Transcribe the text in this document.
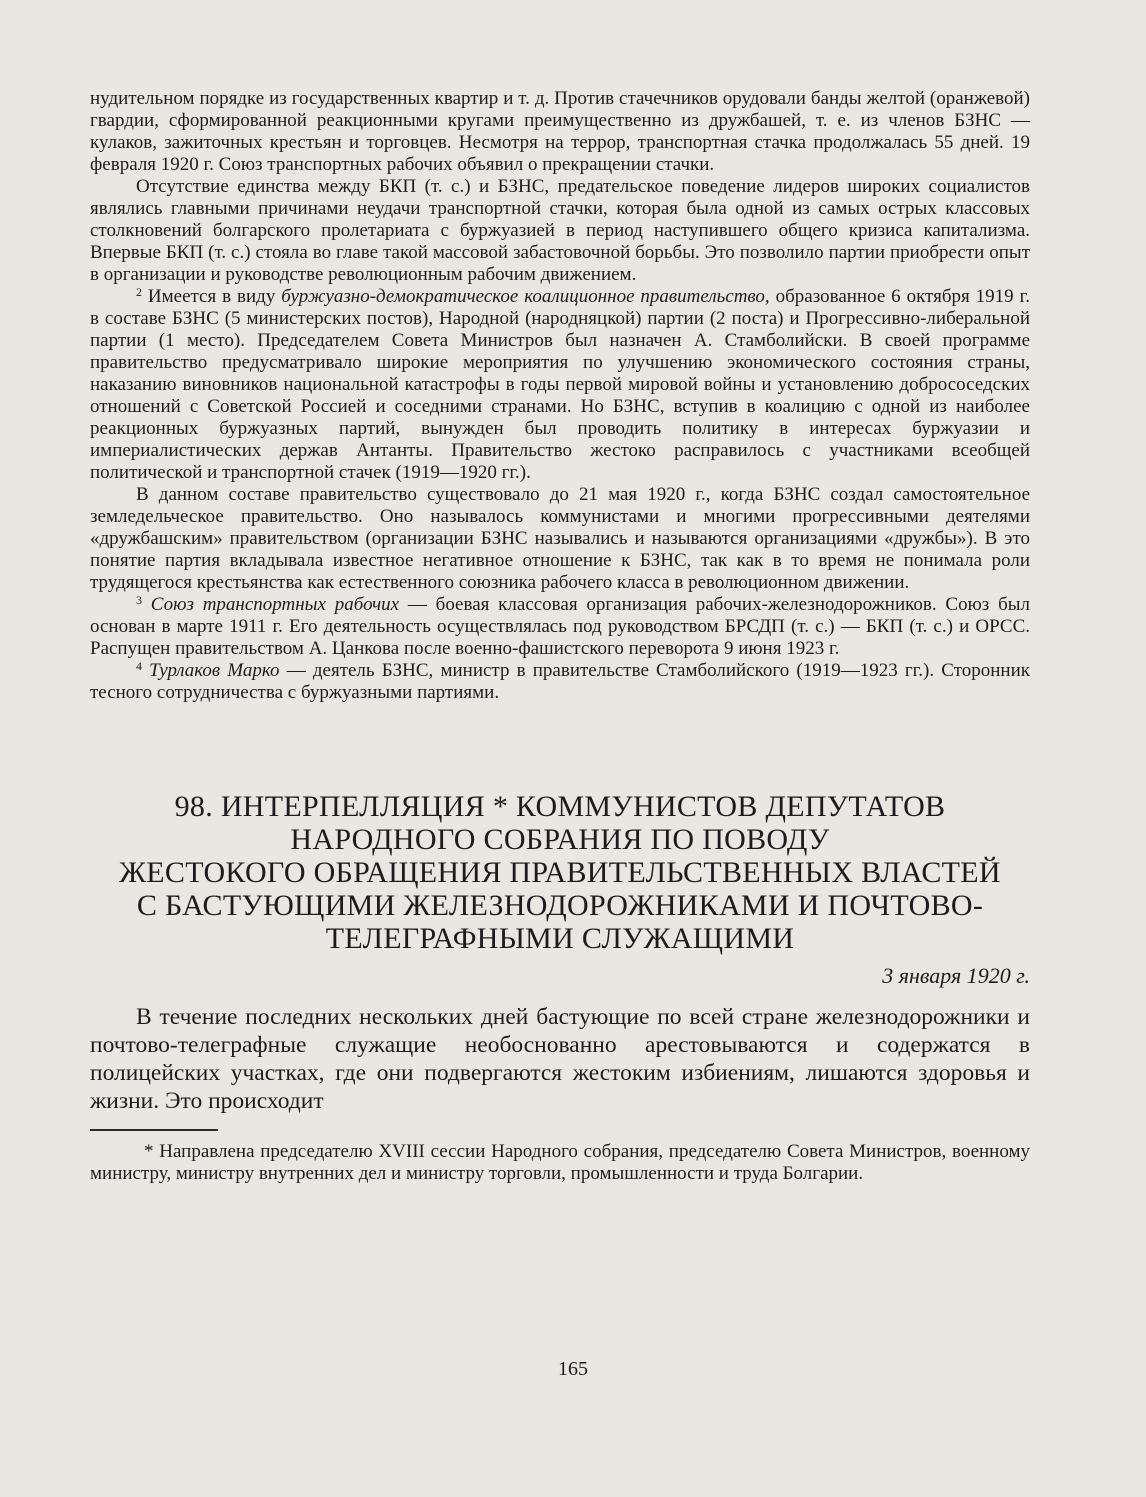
нудительном порядке из государственных квартир и т. д. Против стачечников орудовали банды желтой (оранжевой) гвардии, сформированной реакционными кругами преимущественно из дружбашей, т. е. из членов БЗНС — кулаков, зажиточных крестьян и торговцев. Несмотря на террор, транспортная стачка продолжалась 55 дней. 19 февраля 1920 г. Союз транспортных рабочих объявил о прекращении стачки.

Отсутствие единства между БКП (т. с.) и БЗНС, предательское поведение лидеров широких социалистов являлись главными причинами неудачи транспортной стачки, которая была одной из самых острых классовых столкновений болгарского пролетариата с буржуазией в период наступившего общего кризиса капитализма. Впервые БКП (т. с.) стояла во главе такой массовой забастовочной борьбы. Это позволило партии приобрести опыт в организации и руководстве революционным рабочим движением.

$^2$ Имеется в виду буржуазно-демократическое коалиционное правительство, образованное 6 октября 1919 г. в составе БЗНС (5 министерских постов), Народной (народняцкой) партии (2 поста) и Прогрессивно-либеральной партии (1 место). Председателем Совета Министров был назначен А. Стамболийски. В своей программе правительство предусматривало широкие мероприятия по улучшению экономического состояния страны, наказанию виновников национальной катастрофы в годы первой мировой войны и установлению добрососедских отношений с Советской Россией и соседними странами. Но БЗНС, вступив в коалицию с одной из наиболее реакционных буржуазных партий, вынужден был проводить политику в интересах буржуазии и империалистических держав Антанты. Правительство жестоко расправилось с участниками всеобщей политической и транспортной стачек (1919—1920 гг.).

В данном составе правительство существовало до 21 мая 1920 г., когда БЗНС создал самостоятельное земледельческое правительство. Оно называлось коммунистами и многими прогрессивными деятелями «дружбашским» правительством (организации БЗНС назывались и называются организациями «дружбы»). В это понятие партия вкладывала известное негативное отношение к БЗНС, так как в то время не понимала роли трудящегося крестьянства как естественного союзника рабочего класса в революционном движении.

$^3$ Союз транспортных рабочих — боевая классовая организация рабочих-железнодорожников. Союз был основан в марте 1911 г. Его деятельность осуществлялась под руководством БРСДП (т. с.) — БКП (т. с.) и ОРСС. Распущен правительством А. Цанкова после военно-фашистского переворота 9 июня 1923 г.

$^4$ Турлаков Марко — деятель БЗНС, министр в правительстве Стамболийского (1919—1923 гг.). Сторонник тесного сотрудничества с буржуазными партиями.

98. ИНТЕРПЕЛЛЯЦИЯ * КОММУНИСТОВ ДЕПУТАТОВ
НАРОДНОГО СОБРАНИЯ ПО ПОВОДУ
ЖЕСТОКОГО ОБРАЩЕНИЯ ПРАВИТЕЛЬСТВЕННЫХ ВЛАСТЕЙ
С БАСТУЮЩИМИ ЖЕЛЕЗНОДОРОЖНИКАМИ И ПОЧТОВО-
ТЕЛЕГРАФНЫМИ СЛУЖАЩИМИ
3 января 1920 г.

В течение последних нескольких дней бастующие по всей стране железнодорожники и почтово-телеграфные служащие необоснованно арестовываются и содержатся в полицейских участках, где они подвергаются жестоким избиениям, лишаются здоровья и жизни. Это происходит

* Направлена председателю XVIII сессии Народного собрания, председателю Совета Министров, военному министру, министру внутренних дел и министру торговли, промышленности и труда Болгарии.

165
